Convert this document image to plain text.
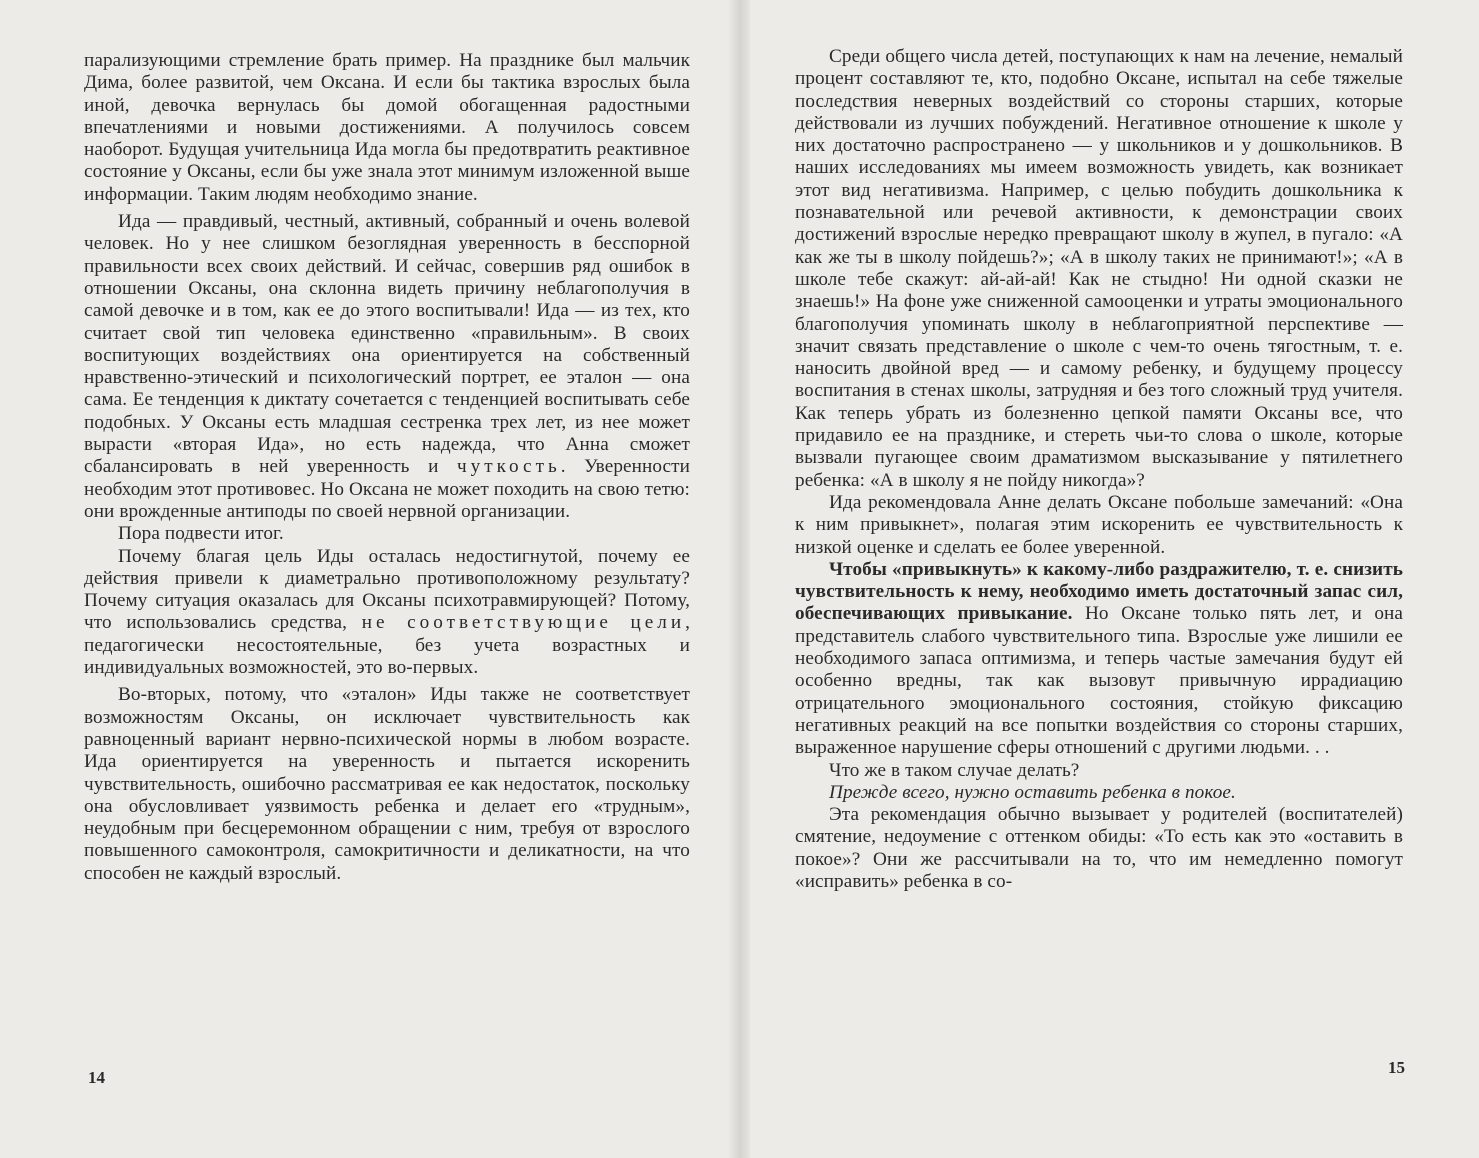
парализующими стремление брать пример. На празднике был мальчик Дима, более развитой, чем Оксана. И если бы тактика взрослых была иной, девочка вернулась бы домой обогащенная радостными впечатлениями и новыми достижениями. А получилось совсем наоборот. Будущая учительница Ида могла бы предотвратить реактивное состояние у Оксаны, если бы уже знала этот минимум изложенной выше информации. Таким людям необходимо знание.

Ида — правдивый, честный, активный, собранный и очень волевой человек. Но у нее слишком безоглядная уверенность в бесспорной правильности всех своих действий. И сейчас, совершив ряд ошибок в отношении Оксаны, она склонна видеть причину неблагополучия в самой девочке и в том, как ее до этого воспитывали! Ида — из тех, кто считает свой тип человека единственно «правильным». В своих воспитующих воздействиях она ориентируется на собственный нравственно-этический и психологический портрет, ее эталон — она сама. Ее тенденция к диктату сочетается с тенденцией воспитывать себе подобных. У Оксаны есть младшая сестренка трех лет, из нее может вырасти «вторая Ида», но есть надежда, что Анна сможет сбалансировать в ней уверенность и чуткость. Уверенности необходим этот противовес. Но Оксана не может походить на свою тетю: они врожденные антиподы по своей нервной организации.

Пора подвести итог.

Почему благая цель Иды осталась недостигнутой, почему ее действия привели к диаметрально противоположному результату? Почему ситуация оказалась для Оксаны психотравмирующей? Потому, что использовались средства, не соответствующие цели, педагогически несостоятельные, без учета возрастных и индивидуальных возможностей, это во-первых.

Во-вторых, потому, что «эталон» Иды также не соответствует возможностям Оксаны, он исключает чувствительность как равноценный вариант нервно-психической нормы в любом возрасте. Ида ориентируется на уверенность и пытается искоренить чувствительность, ошибочно рассматривая ее как недостаток, поскольку она обусловливает уязвимость ребенка и делает его «трудным», неудобным при бесцеремонном обращении с ним, требуя от взрослого повышенного самоконтроля, самокритичности и деликатности, на что способен не каждый взрослый.

14

Среди общего числа детей, поступающих к нам на лечение, немалый процент составляют те, кто, подобно Оксане, испытал на себе тяжелые последствия неверных воздействий со стороны старших, которые действовали из лучших побуждений. Негативное отношение к школе у них достаточно распространено — у школьников и у дошкольников. В наших исследованиях мы имеем возможность увидеть, как возникает этот вид негативизма. Например, с целью побудить дошкольника к познавательной или речевой активности, к демонстрации своих достижений взрослые нередко превращают школу в жупел, в пугало: «А как же ты в школу пойдешь?»; «А в школу таких не принимают!»; «А в школе тебе скажут: ай-ай-ай! Как не стыдно! Ни одной сказки не знаешь!» На фоне уже сниженной самооценки и утраты эмоционального благополучия упоминать школу в неблагоприятной перспективе — значит связать представление о школе с чем-то очень тягостным, т. е. наносить двойной вред — и самому ребенку, и будущему процессу воспитания в стенах школы, затрудняя и без того сложный труд учителя. Как теперь убрать из болезненно цепкой памяти Оксаны все, что придавило ее на празднике, и стереть чьи-то слова о школе, которые вызвали пугающее своим драматизмом высказывание у пятилетнего ребенка: «А в школу я не пойду никогда»?

Ида рекомендовала Анне делать Оксане побольше замечаний: «Она к ним привыкнет», полагая этим искоренить ее чувствительность к низкой оценке и сделать ее более уверенной.

Чтобы «привыкнуть» к какому-либо раздражителю, т. е. снизить чувствительность к нему, необходимо иметь достаточный запас сил, обеспечивающих привыкание. Но Оксане только пять лет, и она представитель слабого чувствительного типа. Взрослые уже лишили ее необходимого запаса оптимизма, и теперь частые замечания будут ей особенно вредны, так как вызовут привычную иррадиацию отрицательного эмоционального состояния, стойкую фиксацию негативных реакций на все попытки воздействия со стороны старших, выраженное нарушение сферы отношений с другими людьми. . .

Что же в таком случае делать?

Прежде всего, нужно оставить ребенка в покое.

Эта рекомендация обычно вызывает у родителей (воспитателей) смятение, недоумение с оттенком обиды: «То есть как это «оставить в покое»? Они же рассчитывали на то, что им немедленно помогут «исправить» ребенка в со-

15
